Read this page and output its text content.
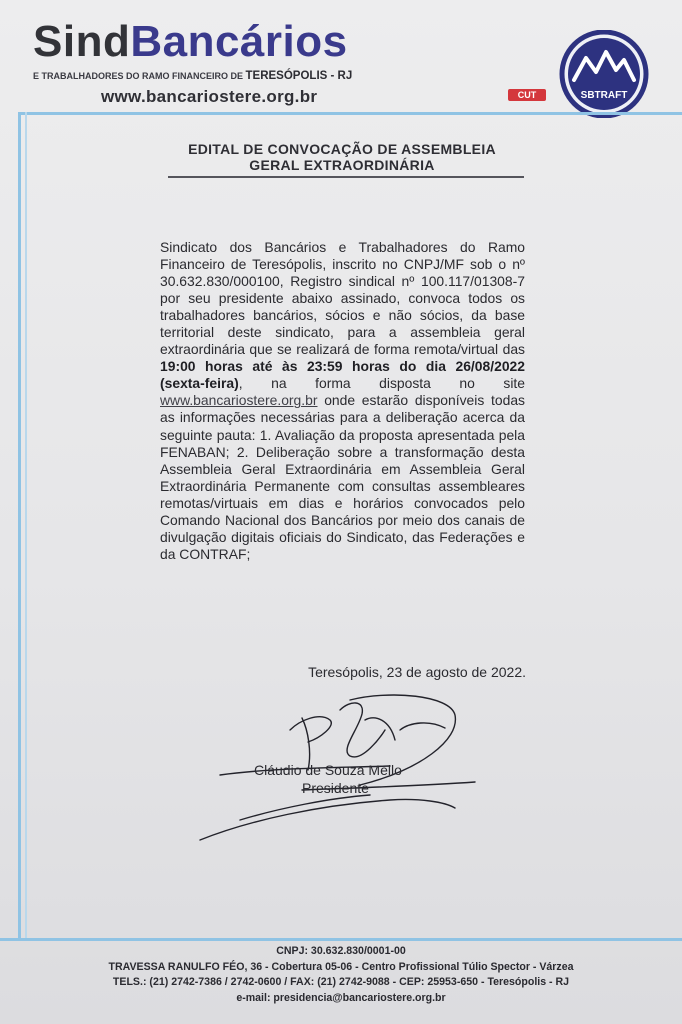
SindBancários
E TRABALHADORES DO RAMO FINANCEIRO DE TERESÓPOLIS - RJ
www.bancariostere.org.br	CUT	SBTRAFT
EDITAL DE CONVOCAÇÃO DE ASSEMBLEIA
GERAL EXTRAORDINÁRIA
Sindicato dos Bancários e Trabalhadores do Ramo Financeiro de Teresópolis, inscrito no CNPJ/MF sob o nº 30.632.830/000100, Registro sindical nº 100.117/01308-7 por seu presidente abaixo assinado, convoca todos os trabalhadores bancários, sócios e não sócios, da base territorial deste sindicato, para a assembleia geral extraordinária que se realizará de forma remota/virtual das 19:00 horas até às 23:59 horas do dia 26/08/2022 (sexta-feira), na forma disposta no site www.bancariostere.org.br onde estarão disponíveis todas as informações necessárias para a deliberação acerca da seguinte pauta: 1. Avaliação da proposta apresentada pela FENABAN; 2. Deliberação sobre a transformação desta Assembleia Geral Extraordinária em Assembleia Geral Extraordinária Permanente com consultas assembleares remotas/virtuais em dias e horários convocados pelo Comando Nacional dos Bancários por meio dos canais de divulgação digitais oficiais do Sindicato, das Federações e da CONTRAF;
Teresópolis, 23 de agosto de 2022.
Cláudio de Souza Mello
Presidente
CNPJ: 30.632.830/0001-00
TRAVESSA RANULFO FÉO, 36 - Cobertura 05-06 - Centro Profissional Túlio Spector - Várzea
TELS.: (21) 2742-7386 / 2742-0600 / FAX: (21) 2742-9088 - CEP: 25953-650 - Teresópolis - RJ
e-mail: presidencia@bancariostere.org.br
